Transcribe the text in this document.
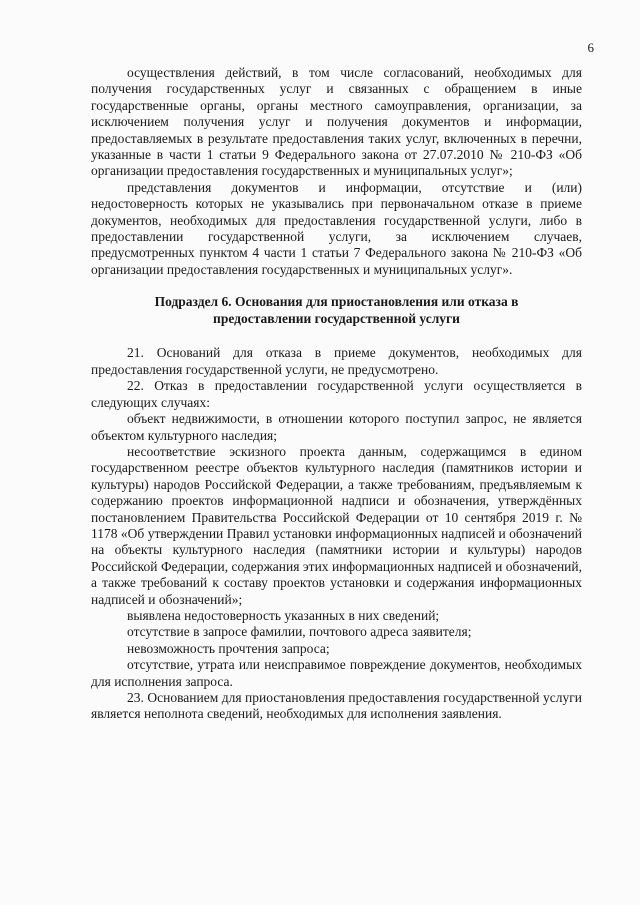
6

осуществления действий, в том числе согласований, необходимых для получения государственных услуг и связанных с обращением в иные государственные органы, органы местного самоуправления, организации, за исключением получения услуг и получения документов и информации, предоставляемых в результате предоставления таких услуг, включенных в перечни, указанные в части 1 статьи 9 Федерального закона от 27.07.2010 № 210-ФЗ «Об организации предоставления государственных и муниципальных услуг»;

представления документов и информации, отсутствие и (или) недостоверность которых не указывались при первоначальном отказе в приеме документов, необходимых для предоставления государственной услуги, либо в предоставлении государственной услуги, за исключением случаев, предусмотренных пунктом 4 части 1 статьи 7 Федерального закона № 210-ФЗ «Об организации предоставления государственных и муниципальных услуг».

Подраздел 6. Основания для приостановления или отказа в
предоставлении государственной услуги

21. Оснований для отказа в приеме документов, необходимых для предоставления государственной услуги, не предусмотрено.

22. Отказ в предоставлении государственной услуги осуществляется в следующих случаях:

объект недвижимости, в отношении которого поступил запрос, не является объектом культурного наследия;

несоответствие эскизного проекта данным, содержащимся в едином государственном реестре объектов культурного наследия (памятников истории и культуры) народов Российской Федерации, а также требованиям, предъявляемым к содержанию проектов информационной надписи и обозначения, утверждённых постановлением Правительства Российской Федерации от 10 сентября 2019 г. № 1178 «Об утверждении Правил установки информационных надписей и обозначений на объекты культурного наследия (памятники истории и культуры) народов Российской Федерации, содержания этих информационных надписей и обозначений, а также требований к составу проектов установки и содержания информационных надписей и обозначений»;

выявлена недостоверность указанных в них сведений;

отсутствие в запросе фамилии, почтового адреса заявителя;

невозможность прочтения запроса;

отсутствие, утрата или неисправимое повреждение документов, необходимых для исполнения запроса.

23. Основанием для приостановления предоставления государственной услуги является неполнота сведений, необходимых для исполнения заявления.
